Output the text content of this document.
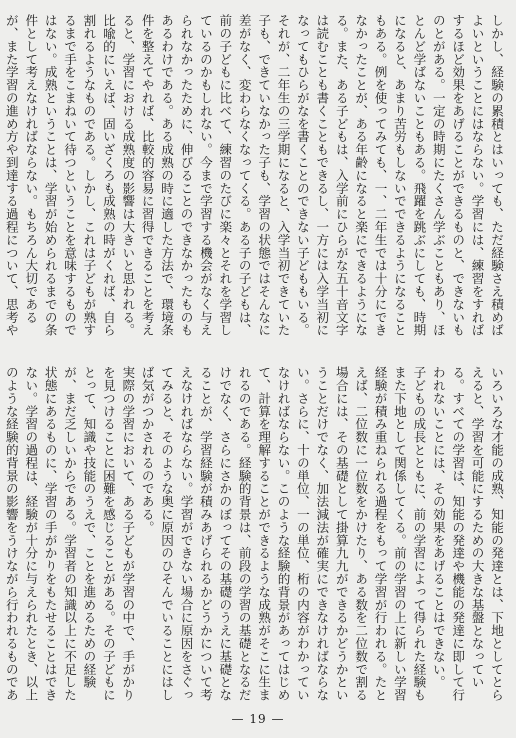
しかし、経験の累積とはいっても、ただ経験さえ積めばよいということにはならない。学習には、練習をすればするほど効果をあげることができるものと、できないものとがある。一定の時期にたくさん学ぶこともあり、ほとんど学ばないこともある。飛躍を跳ぶにしても、時期になると、あまり苦労もしないでできるようになることもある。例を使ってみても、一、二年生では十分にできなかったことが、ある年齢になると楽にできるようになる。また、ある子どもは、入学前にひらがな五十音文字は読むことも書くこともできるし、一方には入学当初になってもひらがなを書くことのできない子どももいる。それが、二年生の三学期になると、入学当初できていた子も、できていなかった子も、学習の状態ではそんなに差がなく、変わらなくなってくる。ある子の子どもは、前の子どもに比べて、練習のたびに楽々とそれを学習しているのかもしれない。今まで学習する機会がなく与えられなかったために、伸びることのできなかったものもあるわけである。ある成熟の時に適した方法で、環境条件を整えてやれば、比較的容易に習得できることを考えると、学習における成熟度の影響は大きいと思われる。比喩的にいえば、固いざくろも成熟の時がくれば、自ら割れるようなものである。しかし、これは子どもが熟するまで手をこまねいて待つということを意味するものではない。成熟ということは、学習が始められるまでの条件として考えなければならない。もちろん大切であるが、また学習の進め方や到達する過程について、思考や

いろいろな才能の成熟、知能の発達とは、下地としてとらえると、学習を可能にするための大きな基盤となっている。すべての学習は、知能の発達や機能の発達に即して行われないことには、その効果をあげることはできない。

子どもの成長とともに、前の学習によって得られた経験もまた下地として関係してくる。前の学習の上に新しい学習経験が積み重ねられる過程をもって学習が行われる。たとえば、二位数に一位数をかけたり、ある数を二位数で割る場合には、その基礎として掛算九九ができるかどうかということだけでなく、加法減法が確実にできなければならない。さらに、十の単位、一の単位、桁の内容がわかっていなければならない。このような経験的背景があってはじめて、計算を理解することができるような成熟がそこに生まれるのである。経験的背景は、前段の学習の基礎となるだけでなく、さらにさかのぼってその基礎のうえに基礎となることが、学習経験が積みあげられるかどうかについて考えなければならない。学習ができない場合に原因をさぐってみると、そのような奥に原因のひそんでいることにはしば気がつかされるのである。

実際の学習において、ある子どもが学習の中で、手がかりを見つけることに困難を感じることがある。その子どもにとって、知識や技能のうえで、ことを進めるための経験が、まだ乏しいからである。学習者の知識以上に不足した状態にあるものに、学習の手がかりをもたせることはできない。学習の過程は、経験が十分に与えられたとき、以上のような経験的背景の影響をうけながら行われるものであ

— 19 —
